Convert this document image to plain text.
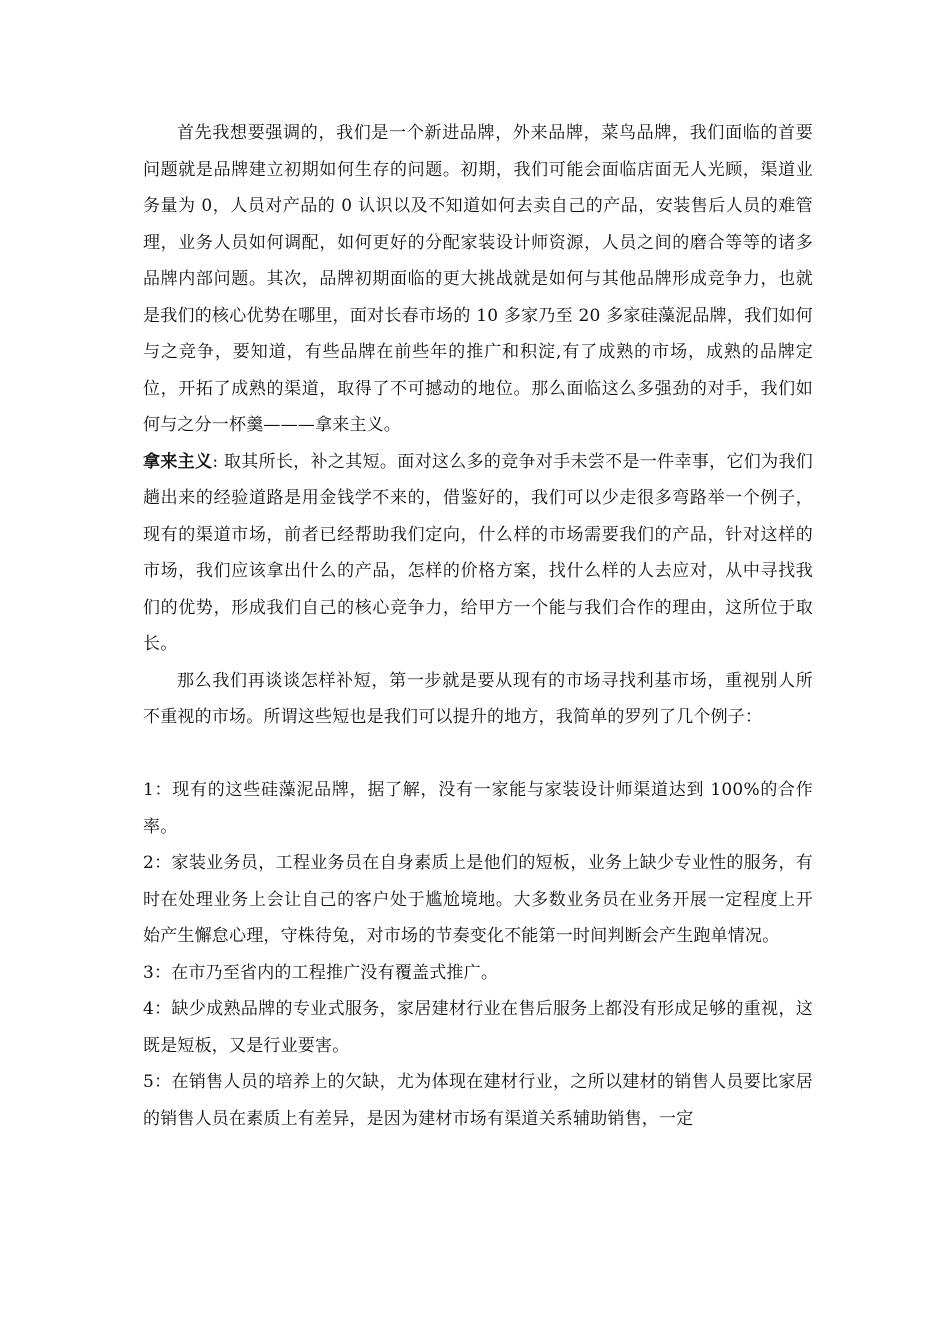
首先我想要强调的，我们是一个新进品牌，外来品牌，菜鸟品牌，我们面临的首要问题就是品牌建立初期如何生存的问题。初期，我们可能会面临店面无人光顾，渠道业务量为 0，人员对产品的 0 认识以及不知道如何去卖自己的产品，安装售后人员的难管理，业务人员如何调配，如何更好的分配家装设计师资源，人员之间的磨合等等的诸多品牌内部问题。其次，品牌初期面临的更大挑战就是如何与其他品牌形成竞争力，也就是我们的核心优势在哪里，面对长春市场的 10 多家乃至 20 多家硅藻泥品牌，我们如何与之竞争，要知道，有些品牌在前些年的推广和积淀,有了成熟的市场，成熟的品牌定位，开拓了成熟的渠道，取得了不可撼动的地位。那么面临这么多强劲的对手，我们如何与之分一杯羹———拿来主义。

拿来主义: 取其所长，补之其短。面对这么多的竞争对手未尝不是一件幸事，它们为我们趟出来的经验道路是用金钱学不来的，借鉴好的，我们可以少走很多弯路举一个例子，现有的渠道市场，前者已经帮助我们定向，什么样的市场需要我们的产品，针对这样的市场，我们应该拿出什么的产品，怎样的价格方案，找什么样的人去应对，从中寻找我们的优势，形成我们自己的核心竞争力，给甲方一个能与我们合作的理由，这所位于取长。

那么我们再谈谈怎样补短，第一步就是要从现有的市场寻找利基市场，重视别人所不重视的市场。所谓这些短也是我们可以提升的地方，我简单的罗列了几个例子：

1：现有的这些硅藻泥品牌，据了解，没有一家能与家装设计师渠道达到 100%的合作率。

2：家装业务员，工程业务员在自身素质上是他们的短板，业务上缺少专业性的服务，有时在处理业务上会让自己的客户处于尴尬境地。大多数业务员在业务开展一定程度上开始产生懈怠心理，守株待兔，对市场的节奏变化不能第一时间判断会产生跑单情况。

3：在市乃至省内的工程推广没有覆盖式推广。

4：缺少成熟品牌的专业式服务，家居建材行业在售后服务上都没有形成足够的重视，这既是短板，又是行业要害。

5：在销售人员的培养上的欠缺，尤为体现在建材行业，之所以建材的销售人员要比家居的销售人员在素质上有差异，是因为建材市场有渠道关系辅助销售，一定
